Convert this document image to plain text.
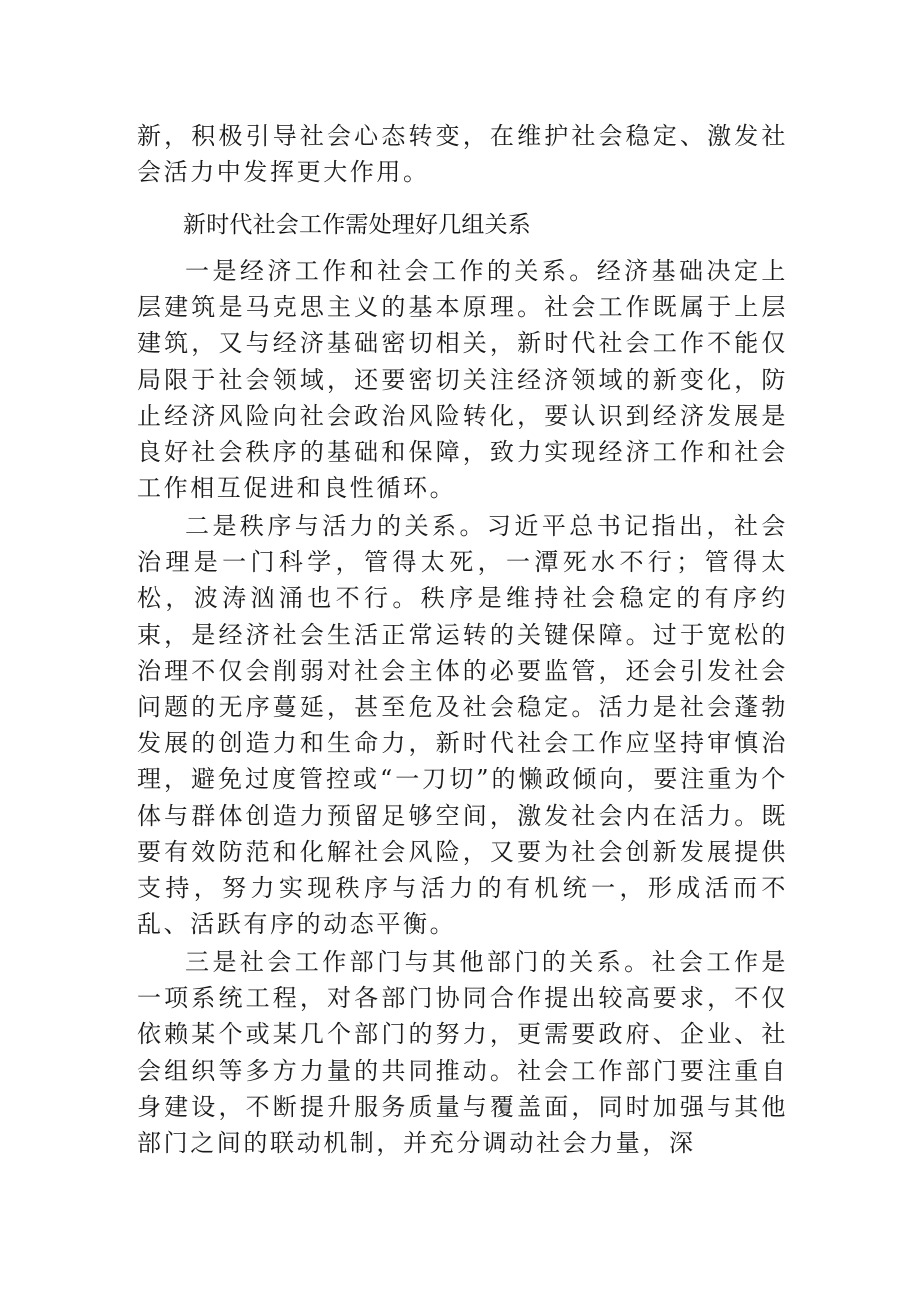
新，积极引导社会心态转变，在维护社会稳定、激发社会活力中发挥更大作用。

新时代社会工作需处理好几组关系

一是经济工作和社会工作的关系。经济基础决定上层建筑是马克思主义的基本原理。社会工作既属于上层建筑，又与经济基础密切相关，新时代社会工作不能仅局限于社会领域，还要密切关注经济领域的新变化，防止经济风险向社会政治风险转化，要认识到经济发展是良好社会秩序的基础和保障，致力实现经济工作和社会工作相互促进和良性循环。

二是秩序与活力的关系。习近平总书记指出，社会治理是一门科学，管得太死，一潭死水不行；管得太松，波涛汹涌也不行。秩序是维持社会稳定的有序约束，是经济社会生活正常运转的关键保障。过于宽松的治理不仅会削弱对社会主体的必要监管，还会引发社会问题的无序蔓延，甚至危及社会稳定。活力是社会蓬勃发展的创造力和生命力，新时代社会工作应坚持审慎治理，避免过度管控或“一刀切”的懒政倾向，要注重为个体与群体创造力预留足够空间，激发社会内在活力。既要有效防范和化解社会风险，又要为社会创新发展提供支持，努力实现秩序与活力的有机统一，形成活而不乱、活跃有序的动态平衡。

三是社会工作部门与其他部门的关系。社会工作是一项系统工程，对各部门协同合作提出较高要求，不仅依赖某个或某几个部门的努力，更需要政府、企业、社会组织等多方力量的共同推动。社会工作部门要注重自身建设，不断提升服务质量与覆盖面，同时加强与其他部门之间的联动机制，并充分调动社会力量，深
